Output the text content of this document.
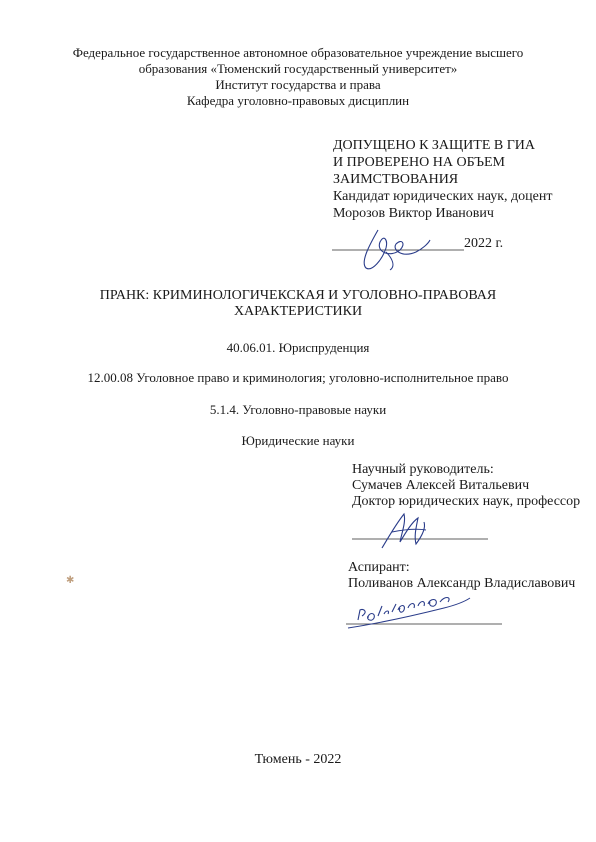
Федеральное государственное автономное образовательное учреждение высшего
образования «Тюменский государственный университет»
Институт государства и права
Кафедра уголовно-правовых дисциплин
ДОПУЩЕНО К ЗАЩИТЕ В ГИА
И ПРОВЕРЕНО НА ОБЪЕМ
ЗАИМСТВОВАНИЯ
Кандидат юридических наук, доцент
Морозов Виктор Иванович
2022 г.
ПРАНК: КРИМИНОЛОГИЧЕКСКАЯ И УГОЛОВНО-ПРАВОВАЯ
ХАРАКТЕРИСТИКИ
40.06.01. Юриспруденция
12.00.08 Уголовное право и криминология; уголовно-исполнительное право
5.1.4. Уголовно-правовые науки
Юридические науки
Научный руководитель:
Сумачев Алексей Витальевич
Доктор юридических наук, профессор
Аспирант:
Поливанов Александр Владиславович
✱
Тюмень - 2022
